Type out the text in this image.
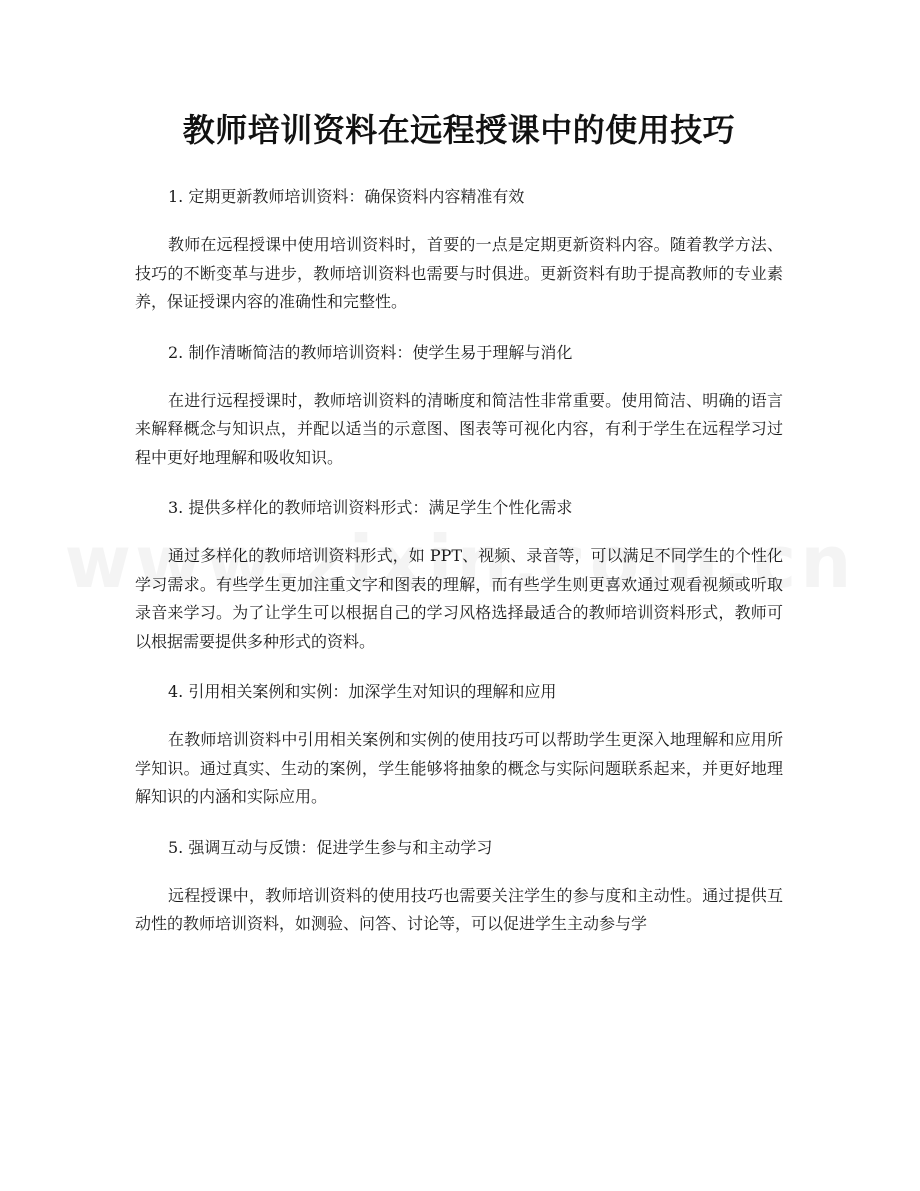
教师培训资料在远程授课中的使用技巧

1. 定期更新教师培训资料：确保资料内容精准有效

教师在远程授课中使用培训资料时，首要的一点是定期更新资料内容。随着教学方法、技巧的不断变革与进步，教师培训资料也需要与时俱进。更新资料有助于提高教师的专业素养，保证授课内容的准确性和完整性。

2. 制作清晰简洁的教师培训资料：使学生易于理解与消化

在进行远程授课时，教师培训资料的清晰度和简洁性非常重要。使用简洁、明确的语言来解释概念与知识点，并配以适当的示意图、图表等可视化内容，有利于学生在远程学习过程中更好地理解和吸收知识。

3. 提供多样化的教师培训资料形式：满足学生个性化需求

通过多样化的教师培训资料形式，如 PPT、视频、录音等，可以满足不同学生的个性化学习需求。有些学生更加注重文字和图表的理解，而有些学生则更喜欢通过观看视频或听取录音来学习。为了让学生可以根据自己的学习风格选择最适合的教师培训资料形式，教师可以根据需要提供多种形式的资料。

4. 引用相关案例和实例：加深学生对知识的理解和应用

在教师培训资料中引用相关案例和实例的使用技巧可以帮助学生更深入地理解和应用所学知识。通过真实、生动的案例，学生能够将抽象的概念与实际问题联系起来，并更好地理解知识的内涵和实际应用。

5. 强调互动与反馈：促进学生参与和主动学习

远程授课中，教师培训资料的使用技巧也需要关注学生的参与度和主动性。通过提供互动性的教师培训资料，如测验、问答、讨论等，可以促进学生主动参与学
